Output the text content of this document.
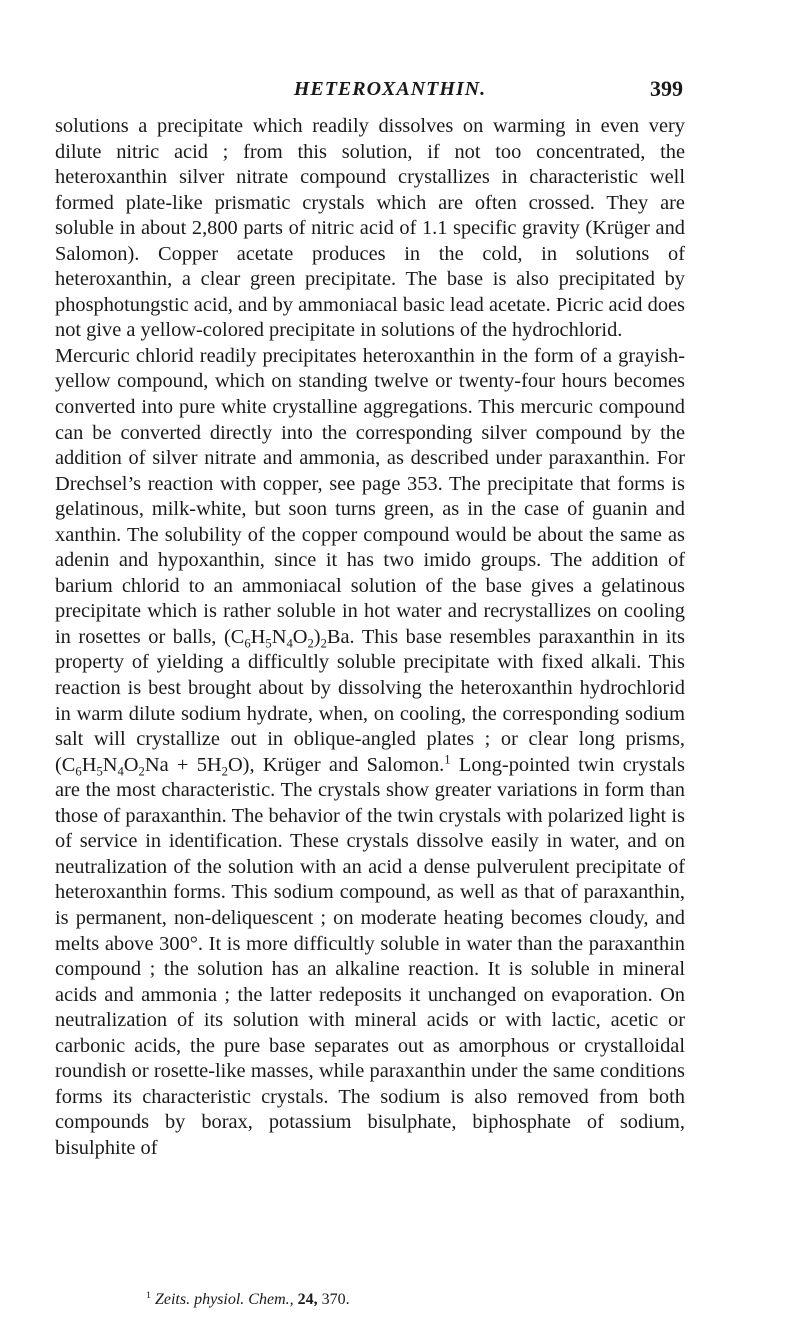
HETEROXANTHIN.	399

solutions a precipitate which readily dissolves on warming in even very dilute nitric acid ; from this solution, if not too concentrated, the heteroxanthin silver nitrate compound crystallizes in characteristic well formed plate-like prismatic crystals which are often crossed. They are soluble in about 2,800 parts of nitric acid of 1.1 specific gravity (Krüger and Salomon). Copper acetate produces in the cold, in solutions of heteroxanthin, a clear green precipitate. The base is also precipitated by phosphotungstic acid, and by ammoniacal basic lead acetate. Picric acid does not give a yellow-colored precipitate in solutions of the hydrochlorid.

Mercuric chlorid readily precipitates heteroxanthin in the form of a grayish-yellow compound, which on standing twelve or twenty-four hours becomes converted into pure white crystalline aggregations. This mercuric compound can be converted directly into the corresponding silver compound by the addition of silver nitrate and ammonia, as described under paraxanthin. For Drechsel’s reaction with copper, see page 353. The precipitate that forms is gelatinous, milk-white, but soon turns green, as in the case of guanin and xanthin. The solubility of the copper compound would be about the same as adenin and hypoxanthin, since it has two imido groups. The addition of barium chlorid to an ammoniacal solution of the base gives a gelatinous precipitate which is rather soluble in hot water and recrystallizes on cooling in rosettes or balls, $(C_6H_5N_4O_2)_2Ba$. This base resembles paraxanthin in its property of yielding a difficultly soluble precipitate with fixed alkali. This reaction is best brought about by dissolving the heteroxanthin hydrochlorid in warm dilute sodium hydrate, when, on cooling, the corresponding sodium salt will crystallize out in oblique-angled plates ; or clear long prisms, $(C_6H_5N_4O_2Na + 5H_2O)$, Krüger and Salomon.$^1$ Long-pointed twin crystals are the most characteristic. The crystals show greater variations in form than those of paraxanthin. The behavior of the twin crystals with polarized light is of service in identification. These crystals dissolve easily in water, and on neutralization of the solution with an acid a dense pulverulent precipitate of heteroxanthin forms. This sodium compound, as well as that of paraxanthin, is permanent, non-deliquescent ; on moderate heating becomes cloudy, and melts above 300°. It is more difficultly soluble in water than the paraxanthin compound ; the solution has an alkaline reaction. It is soluble in mineral acids and ammonia ; the latter redeposits it unchanged on evaporation. On neutralization of its solution with mineral acids or with lactic, acetic or carbonic acids, the pure base separates out as amorphous or crystalloidal roundish or rosette-like masses, while paraxanthin under the same conditions forms its characteristic crystals. The sodium is also removed from both compounds by borax, potassium bisulphate, biphosphate of sodium, bisulphite of

$^1$ Zeits. physiol. Chem., 24, 370.
